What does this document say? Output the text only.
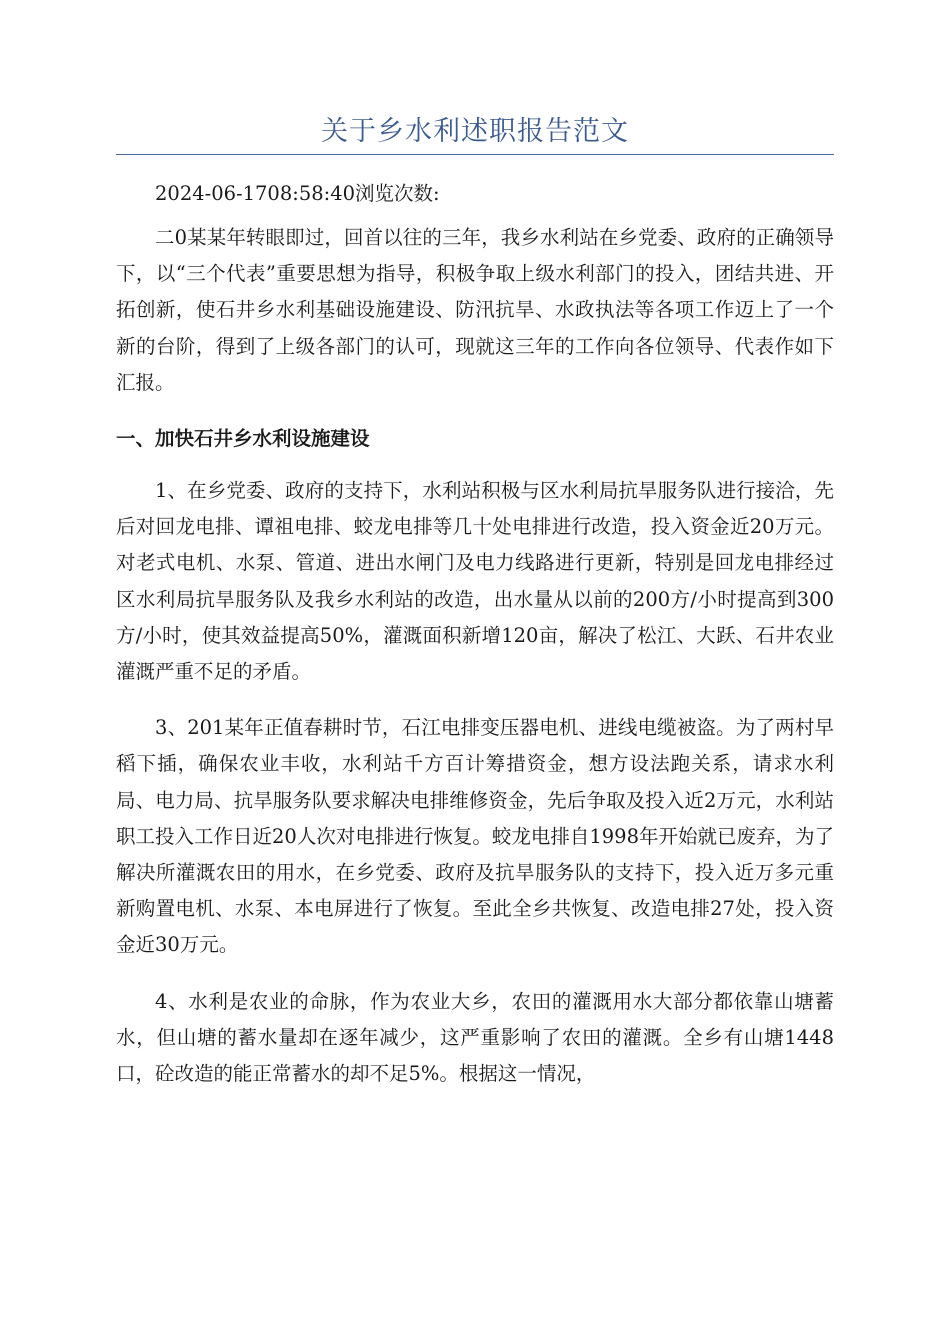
关于乡水利述职报告范文

2024-06-1708:58:40浏览次数:

二0某某年转眼即过，回首以往的三年，我乡水利站在乡党委、政府的正确领导下，以“三个代表”重要思想为指导，积极争取上级水利部门的投入，团结共进、开拓创新，使石井乡水利基础设施建设、防汛抗旱、水政执法等各项工作迈上了一个新的台阶，得到了上级各部门的认可，现就这三年的工作向各位领导、代表作如下汇报。

一、加快石井乡水利设施建设

1、在乡党委、政府的支持下，水利站积极与区水利局抗旱服务队进行接洽，先后对回龙电排、谭祖电排、蛟龙电排等几十处电排进行改造，投入资金近20万元。对老式电机、水泵、管道、进出水闸门及电力线路进行更新，特别是回龙电排经过区水利局抗旱服务队及我乡水利站的改造，出水量从以前的200方/小时提高到300方/小时，使其效益提高50%，灌溉面积新增120亩，解决了松江、大跃、石井农业灌溉严重不足的矛盾。

3、201某年正值春耕时节，石江电排变压器电机、进线电缆被盗。为了两村早稻下插，确保农业丰收，水利站千方百计筹措资金，想方设法跑关系，请求水利局、电力局、抗旱服务队要求解决电排维修资金，先后争取及投入近2万元，水利站职工投入工作日近20人次对电排进行恢复。蛟龙电排自1998年开始就已废弃，为了解决所灌溉农田的用水，在乡党委、政府及抗旱服务队的支持下，投入近万多元重新购置电机、水泵、本电屏进行了恢复。至此全乡共恢复、改造电排27处，投入资金近30万元。

4、水利是农业的命脉，作为农业大乡，农田的灌溉用水大部分都依靠山塘蓄水，但山塘的蓄水量却在逐年减少，这严重影响了农田的灌溉。全乡有山塘1448口，砼改造的能正常蓄水的却不足5%。根据这一情况，
